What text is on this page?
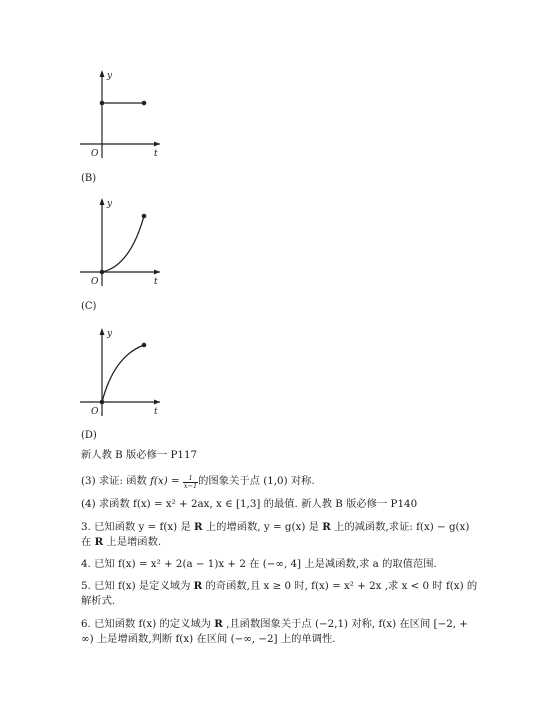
y
t
O
(B)
y
t
O
(C)
y
t
O
(D)
新人教 B 版必修一 P117
(3) 求证: 函数 $f(x) = \frac{1}{x-1}$ 的图象关于点 (1,0) 对称.
(4) 求函数 f(x) = x² + 2ax, x ∈ [1,3] 的最值. 新人教 B 版必修一 P140
3. 已知函数 y = f(x) 是 R 上的增函数, y = g(x) 是 R 上的减函数,求证: f(x) − g(x)
在 R 上是增函数.
4. 已知 f(x) = x² + 2(a − 1)x + 2 在 (−∞, 4] 上是减函数,求 a 的取值范围.
5. 已知 f(x) 是定义域为 R 的奇函数,且 x ≥ 0 时, f(x) = x² + 2x ,求 x < 0 时 f(x) 的
解析式.
6. 已知函数 f(x) 的定义域为 R ,且函数图象关于点 (−2,1) 对称, f(x) 在区间 [−2, +
∞) 上是增函数,判断 f(x) 在区间 (−∞, −2] 上的单调性.
